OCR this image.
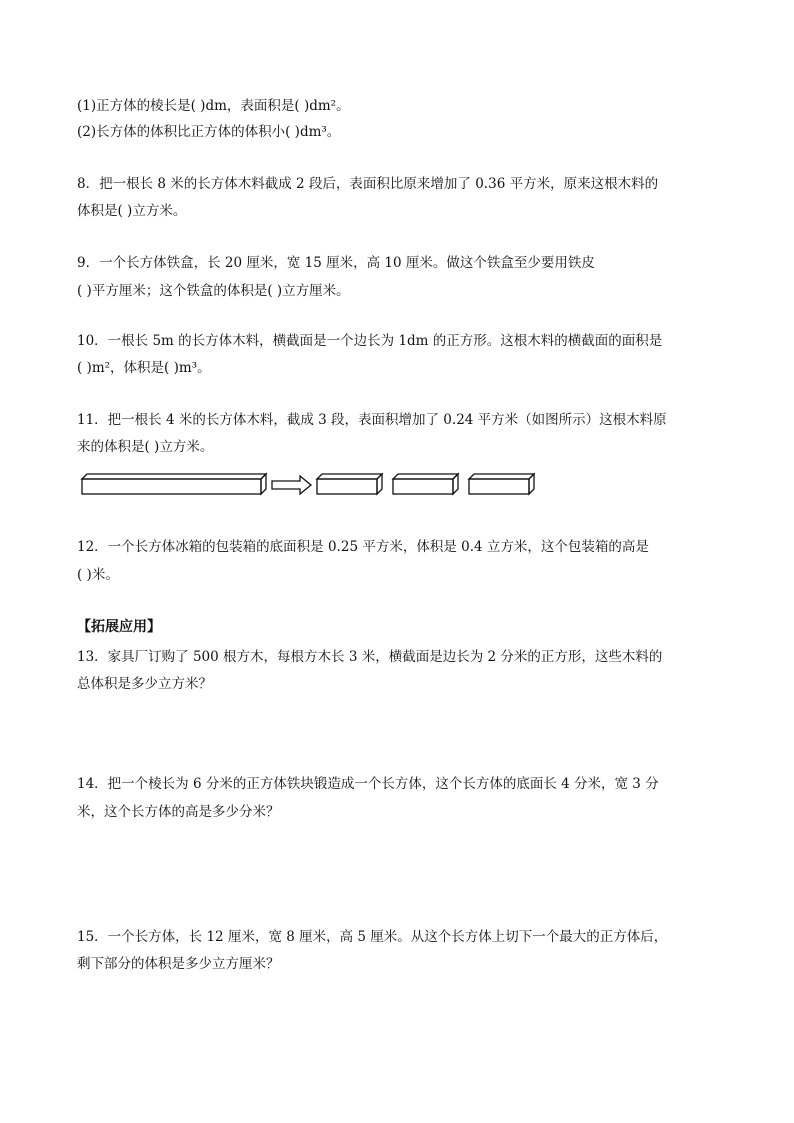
(1)正方体的棱长是( )dm，表面积是( )dm²。
(2)长方体的体积比正方体的体积小( )dm³。
8．把一根长 8 米的长方体木料截成 2 段后，表面积比原来增加了 0.36 平方米，原来这根木料的
体积是( )立方米。
9．一个长方体铁盒，长 20 厘米，宽 15 厘米，高 10 厘米。做这个铁盒至少要用铁皮
( )平方厘米；这个铁盒的体积是( )立方厘米。
10．一根长 5m 的长方体木料，横截面是一个边长为 1dm 的正方形。这根木料的横截面的面积是
( )m²，体积是( )m³。
11．把一根长 4 米的长方体木料，截成 3 段，表面积增加了 0.24 平方米（如图所示）这根木料原
来的体积是( )立方米。
12．一个长方体冰箱的包装箱的底面积是 0.25 平方米，体积是 0.4 立方米，这个包装箱的高是
( )米。
【拓展应用】
13．家具厂订购了 500 根方木，每根方木长 3 米，横截面是边长为 2 分米的正方形，这些木料的
总体积是多少立方米？
14．把一个棱长为 6 分米的正方体铁块锻造成一个长方体，这个长方体的底面长 4 分米，宽 3 分
米，这个长方体的高是多少分米？
15．一个长方体，长 12 厘米，宽 8 厘米，高 5 厘米。从这个长方体上切下一个最大的正方体后，
剩下部分的体积是多少立方厘米？
